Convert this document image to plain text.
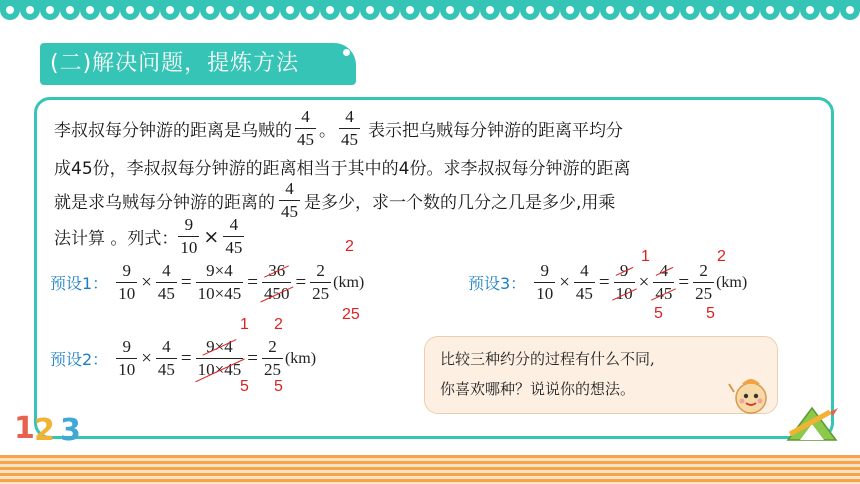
(二)解决问题，提炼方法
李叔叔每分钟游的距离是乌贼的 $\frac{4}{45}$ 。 $\frac{4}{45}$ 表示把乌贼每分钟游的距离平均分
成45份，李叔叔每分钟游的距离相当于其中的4份。求李叔叔每分钟游的距离
就是求乌贼每分钟游的距离的 $\frac{4}{45}$ 是多少，求一个数的几分之几是多少,用乘
法计算 。列式： $\frac{9}{10} \times \frac{4}{45}$
预设1： $\frac{9}{10} \times \frac{4}{45} = \frac{9\times 4}{10\times 45} = \frac{36}{450} = \frac{2}{25} (km)$
2
25
预设3： $\frac{9}{10} \times \frac{4}{45} = \frac{9}{10} \times \frac{4}{45} = \frac{2}{25} (km)$
1	2
5	5
预设2： $\frac{9}{10} \times \frac{4}{45} = \frac{9\times 4}{10\times 45} = \frac{2}{25} (km)$
1 2
5 5
比较三种约分的过程有什么不同,
你喜欢哪种？说说你的想法。
1 2 3
